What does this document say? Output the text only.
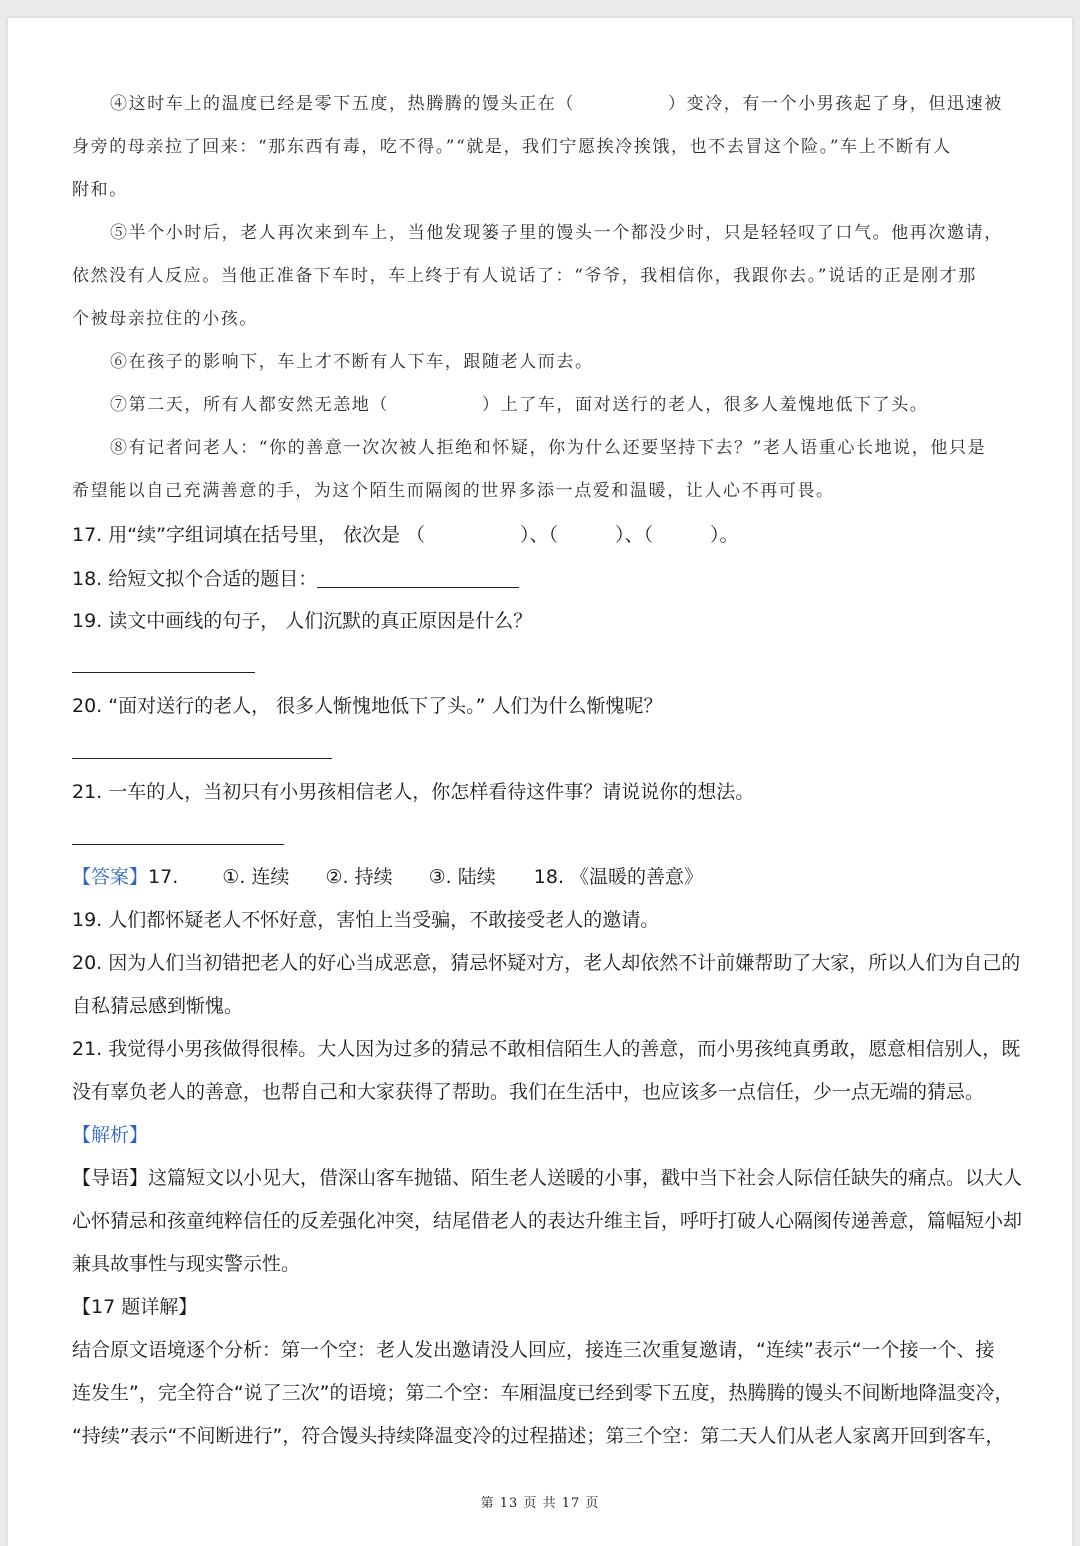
④这时车上的温度已经是零下五度，热腾腾的馒头正在（　　　　　）变冷，有一个小男孩起了身，但迅速被
身旁的母亲拉了回来：“那东西有毒，吃不得。”“就是，我们宁愿挨冷挨饿，也不去冒这个险。”车上不断有人
附和。
⑤半个小时后，老人再次来到车上，当他发现篓子里的馒头一个都没少时，只是轻轻叹了口气。他再次邀请，
依然没有人反应。当他正准备下车时，车上终于有人说话了：“爷爷，我相信你，我跟你去。”说话的正是刚才那
个被母亲拉住的小孩。
⑥在孩子的影响下，车上才不断有人下车，跟随老人而去。
⑦第二天，所有人都安然无恙地（　　　　　）上了车，面对送行的老人，很多人羞愧地低下了头。
⑧有记者问老人：“你的善意一次次被人拒绝和怀疑，你为什么还要坚持下去？”老人语重心长地说，他只是
希望能以自己充满善意的手，为这个陌生而隔阂的世界多添一点爱和温暖，让人心不再可畏。
17. 用“续”字组词填在括号里， 依次是 （　　　　　）、（　　　）、（　　　）。
18. 给短文拟个合适的题目：
19. 读文中画线的句子， 人们沉默的真正原因是什么？
20. “面对送行的老人， 很多人惭愧地低下了头。” 人们为什么惭愧呢？
21. 一车的人，当初只有小男孩相信老人，你怎样看待这件事？请说说你的想法。
【答案】17. ①. 连续 ②. 持续 ③. 陆续 18. 《温暖的善意》
19. 人们都怀疑老人不怀好意，害怕上当受骗，不敢接受老人的邀请。
20. 因为人们当初错把老人的好心当成恶意，猜忌怀疑对方，老人却依然不计前嫌帮助了大家，所以人们为自己的
自私猜忌感到惭愧。
21. 我觉得小男孩做得很棒。大人因为过多的猜忌不敢相信陌生人的善意，而小男孩纯真勇敢，愿意相信别人，既
没有辜负老人的善意，也帮自己和大家获得了帮助。我们在生活中，也应该多一点信任，少一点无端的猜忌。
【解析】
【导语】这篇短文以小见大，借深山客车抛锚、陌生老人送暖的小事，戳中当下社会人际信任缺失的痛点。以大人
心怀猜忌和孩童纯粹信任的反差强化冲突，结尾借老人的表达升维主旨，呼吁打破人心隔阂传递善意，篇幅短小却
兼具故事性与现实警示性。
【17 题详解】
结合原文语境逐个分析：第一个空：老人发出邀请没人回应，接连三次重复邀请，“连续”表示“一个接一个、接
连发生”，完全符合“说了三次”的语境；第二个空：车厢温度已经到零下五度，热腾腾的馒头不间断地降温变冷，
“持续”表示“不间断进行”，符合馒头持续降温变冷的过程描述；第三个空：第二天人们从老人家离开回到客车，
第 13 页 共 17 页
